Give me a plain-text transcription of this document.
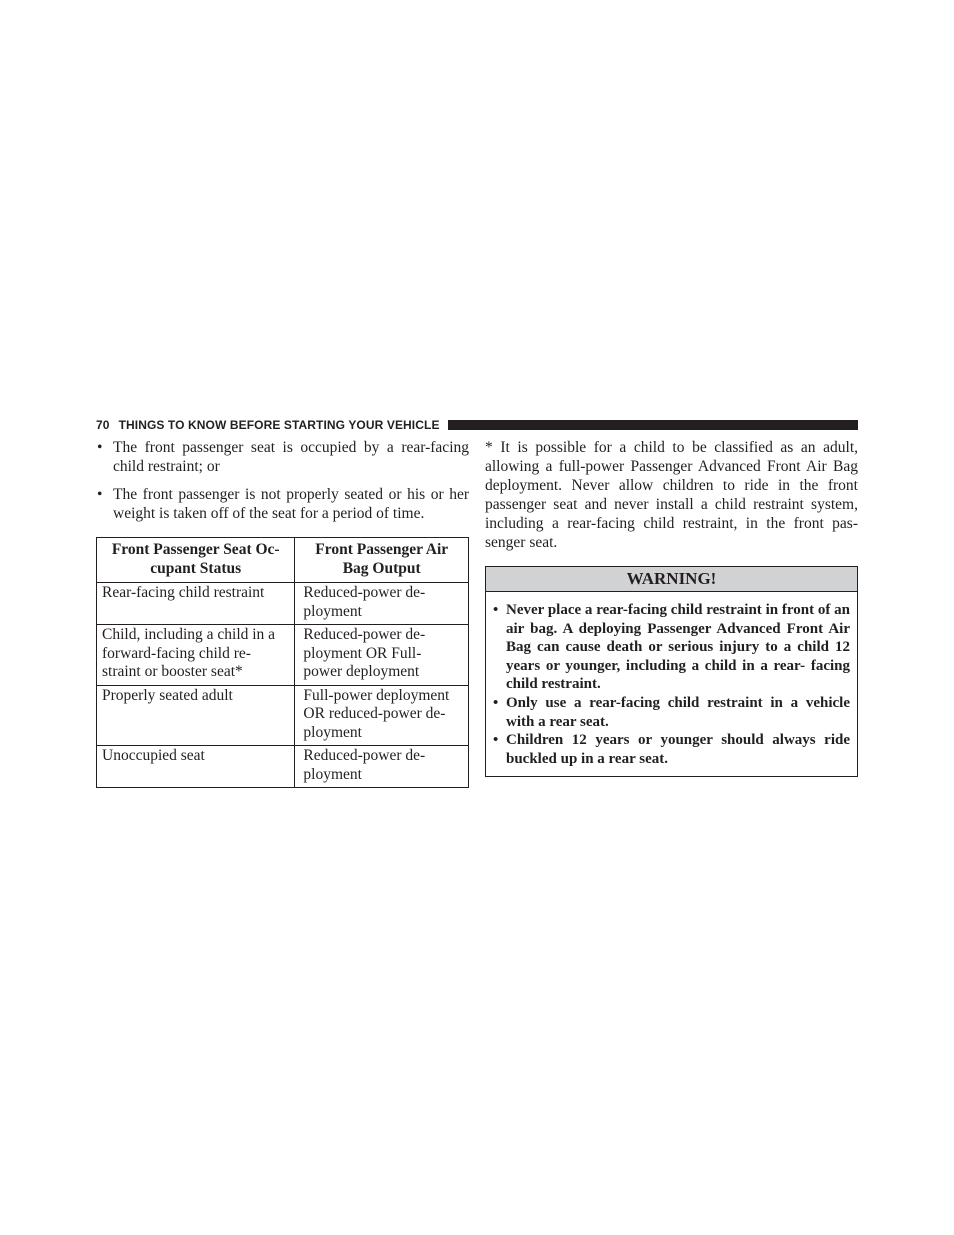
70 THINGS TO KNOW BEFORE STARTING YOUR VEHICLE
• The front passenger seat is occupied by a rear-facing child restraint; or
• The front passenger is not properly seated or his or her weight is taken off of the seat for a period of time.
Front Passenger Seat Oc- cupant Status	Front Passenger Air Bag Output
Rear-facing child restraint	Reduced-power de- ployment
Child, including a child in a forward-facing child re- straint or booster seat*	Reduced-power de- ployment OR Full- power deployment
Properly seated adult	Full-power deployment OR reduced-power de- ployment
Unoccupied seat	Reduced-power de- ployment
* It is possible for a child to be classified as an adult, allowing a full-power Passenger Advanced Front Air Bag deployment. Never allow children to ride in the front passenger seat and never install a child restraint system, including a rear-facing child restraint, in the front pas- senger seat.
WARNING!
• Never place a rear-facing child restraint in front of an air bag. A deploying Passenger Advanced Front Air Bag can cause death or serious injury to a child 12 years or younger, including a child in a rear- facing child restraint.
• Only use a rear-facing child restraint in a vehicle with a rear seat.
• Children 12 years or younger should always ride buckled up in a rear seat.
